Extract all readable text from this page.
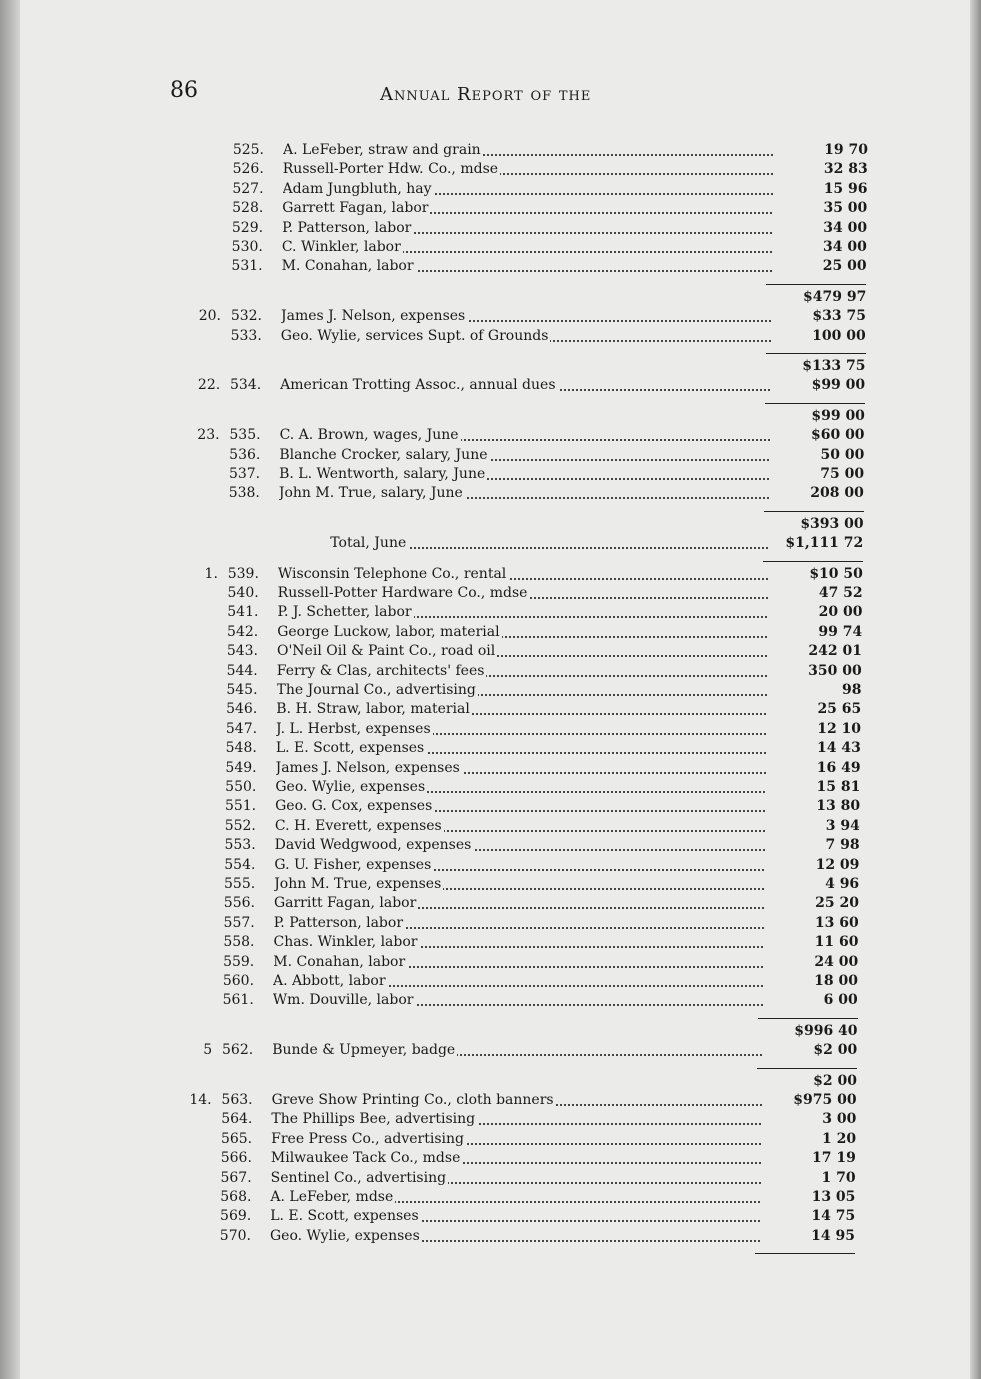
86	Annual Report of the
525. A. LeFeber, straw and grain	19 70
526. Russell-Porter Hdw. Co., mdse	32 83
527. Adam Jungbluth, hay	15 96
528. Garrett Fagan, labor	35 00
529. P. Patterson, labor	34 00
530. C. Winkler, labor	34 00
531. M. Conahan, labor	25 00
$479 97
20. 532. James J. Nelson, expenses	$33 75
533. Geo. Wylie, services Supt. of Grounds	100 00
$133 75
22. 534. American Trotting Assoc., annual dues	$99 00
$99 00
23. 535. C. A. Brown, wages, June	$60 00
536. Blanche Crocker, salary, June	50 00
537. B. L. Wentworth, salary, June	75 00
538. John M. True, salary, June	208 00
$393 00
Total, June	$1,111 72
1. 539. Wisconsin Telephone Co., rental	$10 50
540. Russell-Potter Hardware Co., mdse	47 52
541. P. J. Schetter, labor	20 00
542. George Luckow, labor, material	99 74
543. O'Neil Oil & Paint Co., road oil	242 01
544. Ferry & Clas, architects' fees	350 00
545. The Journal Co., advertising	98
546. B. H. Straw, labor, material	25 65
547. J. L. Herbst, expenses	12 10
548. L. E. Scott, expenses	14 43
549. James J. Nelson, expenses	16 49
550. Geo. Wylie, expenses	15 81
551. Geo. G. Cox, expenses	13 80
552. C. H. Everett, expenses	3 94
553. David Wedgwood, expenses	7 98
554. G. U. Fisher, expenses	12 09
555. John M. True, expenses	4 96
556. Garritt Fagan, labor	25 20
557. P. Patterson, labor	13 60
558. Chas. Winkler, labor	11 60
559. M. Conahan, labor	24 00
560. A. Abbott, labor	18 00
561. Wm. Douville, labor	6 00
$996 40
5 562. Bunde & Upmeyer, badge	$2 00
$2 00
14. 563. Greve Show Printing Co., cloth banners	$975 00
564. The Phillips Bee, advertising	3 00
565. Free Press Co., advertising	1 20
566. Milwaukee Tack Co., mdse	17 19
567. Sentinel Co., advertising	1 70
568. A. LeFeber, mdse	13 05
569. L. E. Scott, expenses	14 75
570. Geo. Wylie, expenses	14 95
